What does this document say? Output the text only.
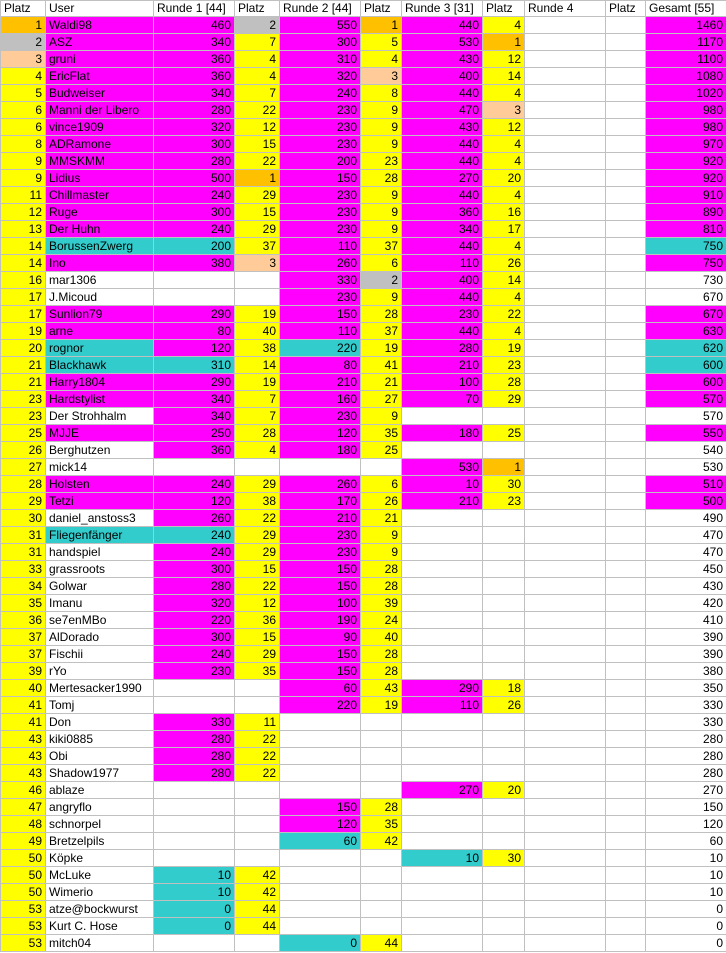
Platz	User	Runde 1 [44]	Platz	Runde 2 [44]	Platz	Runde 3 [31]	Platz	Runde 4	Platz	Gesamt [55]
1	Waldi98	460	2	550	1	440	4			1460
2	ASZ	340	7	300	5	530	1			1170
3	gruni	360	4	310	4	430	12			1100
4	EricFlat	360	4	320	3	400	14			1080
5	Budweiser	340	7	240	8	440	4			1020
6	Manni der Libero	280	22	230	9	470	3			980
6	vince1909	320	12	230	9	430	12			980
8	ADRamone	300	15	230	9	440	4			970
9	MMSKMM	280	22	200	23	440	4			920
9	Lidius	500	1	150	28	270	20			920
11	Chillmaster	240	29	230	9	440	4			910
12	Ruge	300	15	230	9	360	16			890
13	Der Huhn	240	29	230	9	340	17			810
14	BorussenZwerg	200	37	110	37	440	4			750
14	Ino	380	3	260	6	110	26			750
16	mar1306			330	2	400	14			730
17	J.Micoud			230	9	440	4			670
17	Sunlion79	290	19	150	28	230	22			670
19	arne	80	40	110	37	440	4			630
20	rognor	120	38	220	19	280	19			620
21	Blackhawk	310	14	80	41	210	23			600
21	Harry1804	290	19	210	21	100	28			600
23	Hardstylist	340	7	160	27	70	29			570
23	Der Strohhalm	340	7	230	9					570
25	MJJE	250	28	120	35	180	25			550
26	Berghutzen	360	4	180	25					540
27	mick14					530	1			530
28	Holsten	240	29	260	6	10	30			510
29	Tetzi	120	38	170	26	210	23			500
30	daniel_anstoss3	260	22	210	21					490
31	Fliegenfänger	240	29	230	9					470
31	handspiel	240	29	230	9					470
33	grassroots	300	15	150	28					450
34	Golwar	280	22	150	28					430
35	Imanu	320	12	100	39					420
36	se7enMBo	220	36	190	24					410
37	AlDorado	300	15	90	40					390
37	Fischii	240	29	150	28					390
39	rYo	230	35	150	28					380
40	Mertesacker1990			60	43	290	18			350
41	Tomj			220	19	110	26			330
41	Don	330	11							330
43	kiki0885	280	22							280
43	Obi	280	22							280
43	Shadow1977	280	22							280
46	ablaze					270	20			270
47	angryflo			150	28					150
48	schnorpel			120	35					120
49	Bretzelpils			60	42					60
50	Köpke					10	30			10
50	McLuke	10	42							10
50	Wimerio	10	42							10
53	atze@bockwurst	0	44							0
53	Kurt C. Hose	0	44							0
53	mitch04			0	44					0
